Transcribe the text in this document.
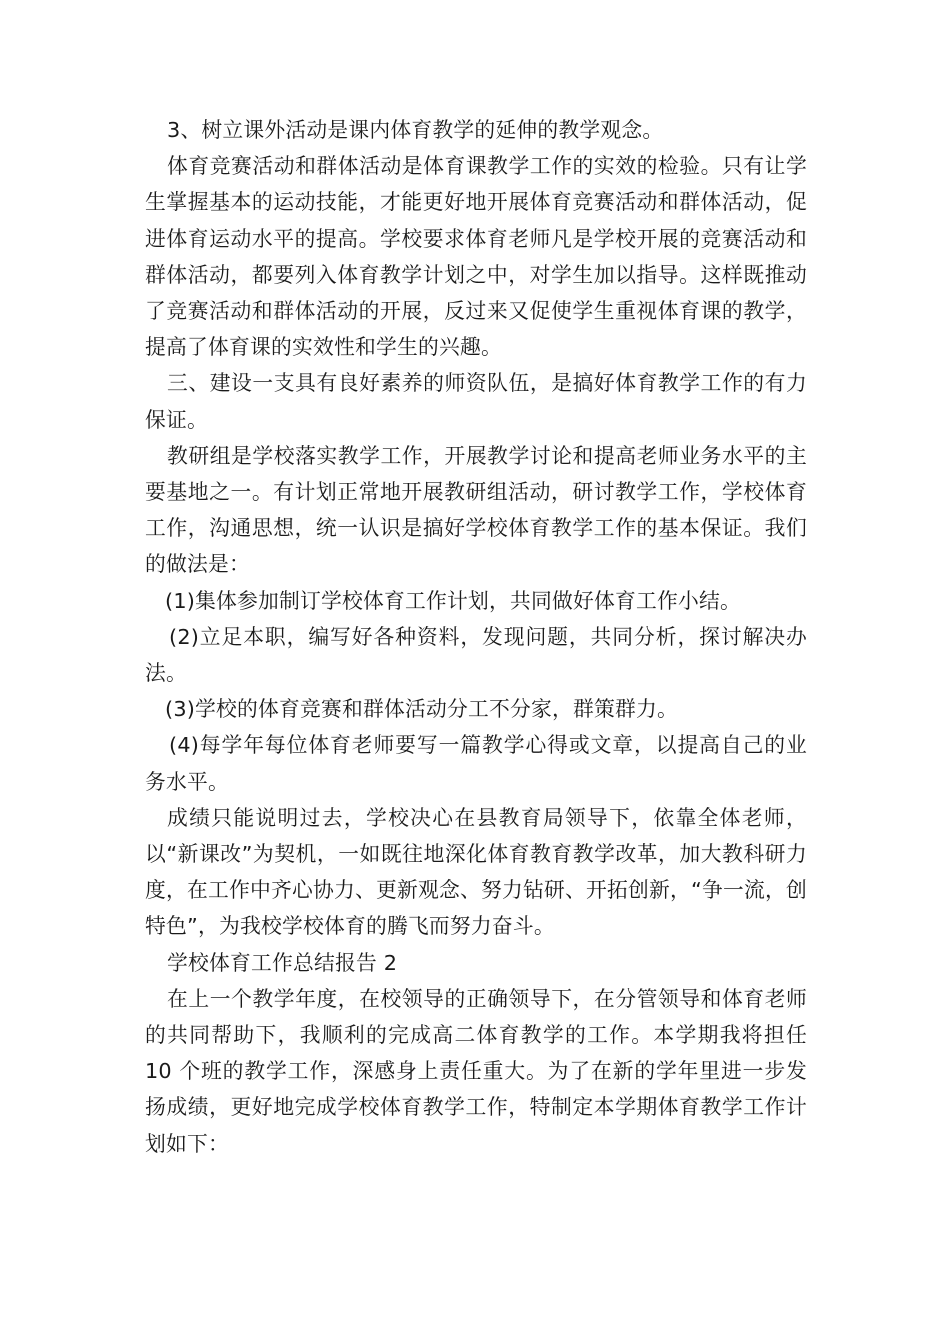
3、树立课外活动是课内体育教学的延伸的教学观念。

体育竞赛活动和群体活动是体育课教学工作的实效的检验。只有让学生掌握基本的运动技能，才能更好地开展体育竞赛活动和群体活动，促进体育运动水平的提高。学校要求体育老师凡是学校开展的竞赛活动和群体活动，都要列入体育教学计划之中，对学生加以指导。这样既推动了竞赛活动和群体活动的开展，反过来又促使学生重视体育课的教学，提高了体育课的实效性和学生的兴趣。

三、建设一支具有良好素养的师资队伍，是搞好体育教学工作的有力保证。

教研组是学校落实教学工作，开展教学讨论和提高老师业务水平的主要基地之一。有计划正常地开展教研组活动，研讨教学工作，学校体育工作，沟通思想，统一认识是搞好学校体育教学工作的基本保证。我们的做法是：

(1)集体参加制订学校体育工作计划，共同做好体育工作小结。

(2)立足本职，编写好各种资料，发现问题，共同分析，探讨解决办法。

(3)学校的体育竞赛和群体活动分工不分家，群策群力。

(4)每学年每位体育老师要写一篇教学心得或文章，以提高自己的业务水平。

成绩只能说明过去，学校决心在县教育局领导下，依靠全体老师，以“新课改”为契机，一如既往地深化体育教育教学改革，加大教科研力度，在工作中齐心协力、更新观念、努力钻研、开拓创新，“争一流，创特色”，为我校学校体育的腾飞而努力奋斗。

学校体育工作总结报告 2

在上一个教学年度，在校领导的正确领导下，在分管领导和体育老师的共同帮助下，我顺利的完成高二体育教学的工作。本学期我将担任 10 个班的教学工作，深感身上责任重大。为了在新的学年里进一步发扬成绩，更好地完成学校体育教学工作，特制定本学期体育教学工作计划如下：
